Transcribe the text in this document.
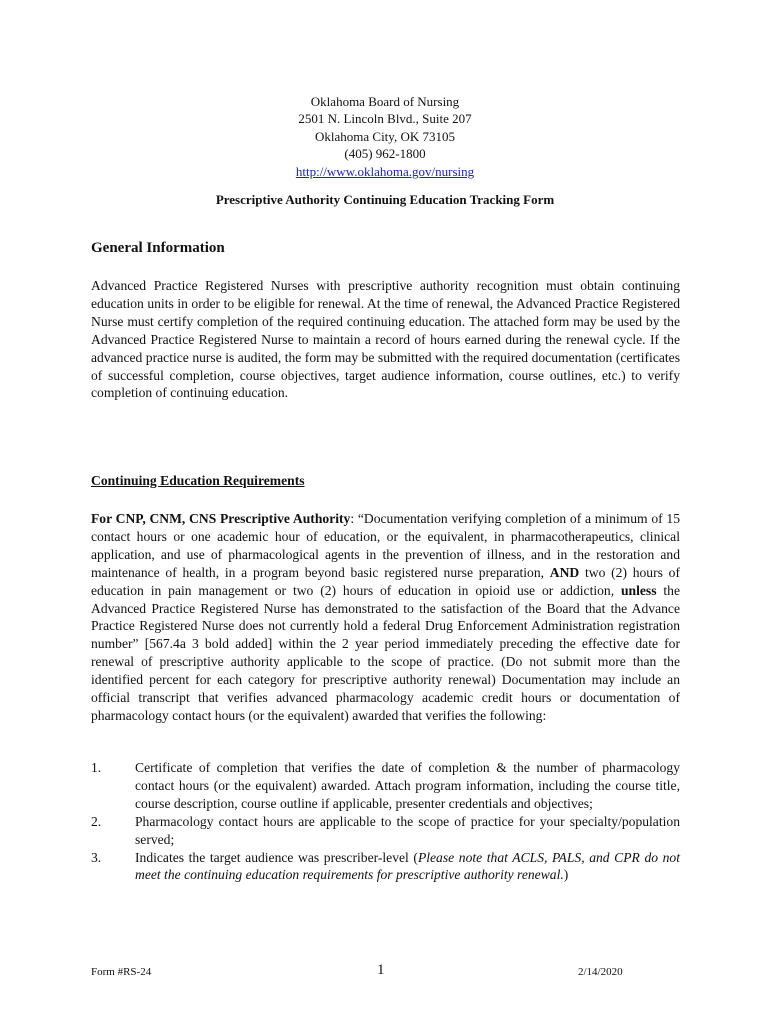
Oklahoma Board of Nursing
2501 N. Lincoln Blvd., Suite 207
Oklahoma City, OK 73105
(405) 962-1800
http://www.oklahoma.gov/nursing
Prescriptive Authority Continuing Education Tracking Form
General Information
Advanced Practice Registered Nurses with prescriptive authority recognition must obtain continuing education units in order to be eligible for renewal. At the time of renewal, the Advanced Practice Registered Nurse must certify completion of the required continuing education. The attached form may be used by the Advanced Practice Registered Nurse to maintain a record of hours earned during the renewal cycle. If the advanced practice nurse is audited, the form may be submitted with the required documentation (certificates of successful completion, course objectives, target audience information, course outlines, etc.) to verify completion of continuing education.
Continuing Education Requirements
For CNP, CNM, CNS Prescriptive Authority: “Documentation verifying completion of a minimum of 15 contact hours or one academic hour of education, or the equivalent, in pharmacotherapeutics, clinical application, and use of pharmacological agents in the prevention of illness, and in the restoration and maintenance of health, in a program beyond basic registered nurse preparation, AND two (2) hours of education in pain management or two (2) hours of education in opioid use or addiction, unless the Advanced Practice Registered Nurse has demonstrated to the satisfaction of the Board that the Advance Practice Registered Nurse does not currently hold a federal Drug Enforcement Administration registration number” [567.4a 3 bold added] within the 2 year period immediately preceding the effective date for renewal of prescriptive authority applicable to the scope of practice. (Do not submit more than the identified percent for each category for prescriptive authority renewal) Documentation may include an official transcript that verifies advanced pharmacology academic credit hours or documentation of pharmacology contact hours (or the equivalent) awarded that verifies the following:
1.	Certificate of completion that verifies the date of completion & the number of pharmacology contact hours (or the equivalent) awarded. Attach program information, including the course title, course description, course outline if applicable, presenter credentials and objectives;
2.	Pharmacology contact hours are applicable to the scope of practice for your specialty/population served;
3.	Indicates the target audience was prescriber-level (Please note that ACLS, PALS, and CPR do not meet the continuing education requirements for prescriptive authority renewal.)
Form #RS-24	1	2/14/2020
